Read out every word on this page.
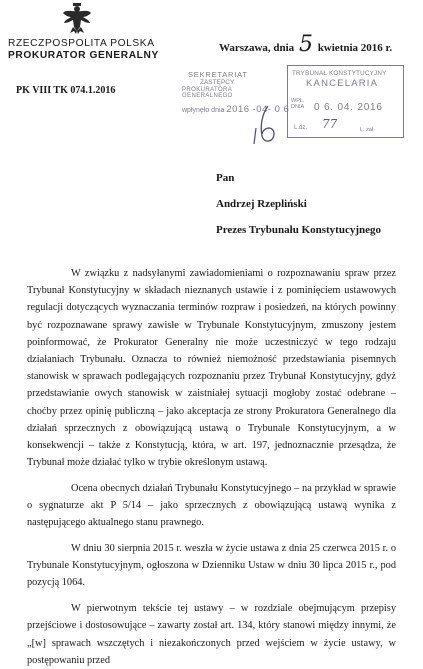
RZECZPOSPOLITA POLSKA
PROKURATOR GENERALNY
PK VIII TK 074.1.2016
Warszawa, dnia 5 kwietnia 2016 r.
SEKRETARIAT
ZASTĘPCY
PROKURATORA GENERALNEGO
wpłynęło dnia 2016 -04- 0 6
16
TRYBUNAŁ KONSTYTUCYJNY
KANCELARIA
WPŁ.
DNIA 0 6. 04. 2016
L.dz. 77	L. zał.
Pan
Andrzej Rzepliński
Prezes Trybunału Konstytucyjnego

W związku z nadsyłanymi zawiadomieniami o rozpoznawaniu spraw przez Trybunał Konstytucyjny w składach nieznanych ustawie i z pominięciem ustawowych regulacji dotyczących wyznaczania terminów rozpraw i posiedzeń, na których powinny być rozpoznawane sprawy zawisłe w Trybunale Konstytucyjnym, zmuszony jestem poinformować, że Prokurator Generalny nie może uczestniczyć w tego rodzaju działaniach Trybunału. Oznacza to również niemożność przedstawiania pisemnych stanowisk w sprawach podlegających rozpoznaniu przez Trybunał Konstytucyjny, gdyż przedstawianie owych stanowisk w zaistniałej sytuacji mogłoby zostać odebrane – choćby przez opinię publiczną – jako akceptacja ze strony Prokuratora Generalnego dla działań sprzecznych z obowiązującą ustawą o Trybunale Konstytucyjnym, a w konsekwencji – także z Konstytucją, która, w art. 197, jednoznacznie przesądza, że Trybunał może działać tylko w trybie określonym ustawą.

Ocena obecnych działań Trybunału Konstytucyjnego – na przykład w sprawie o sygnaturze akt P 5/14 – jako sprzecznych z obowiązującą ustawą wynika z następującego aktualnego stanu prawnego.

W dniu 30 sierpnia 2015 r. weszła w życie ustawa z dnia 25 czerwca 2015 r. o Trybunale Konstytucyjnym, ogłoszona w Dzienniku Ustaw w dniu 30 lipca 2015 r., pod pozycją 1064.

W pierwotnym tekście tej ustawy – w rozdziale obejmującym przepisy przejściowe i dostosowujące – zawarty został art. 134, który stanowi między innymi, że „[w] sprawach wszczętych i niezakończonych przed wejściem w życie ustawy, w postępowaniu przed
